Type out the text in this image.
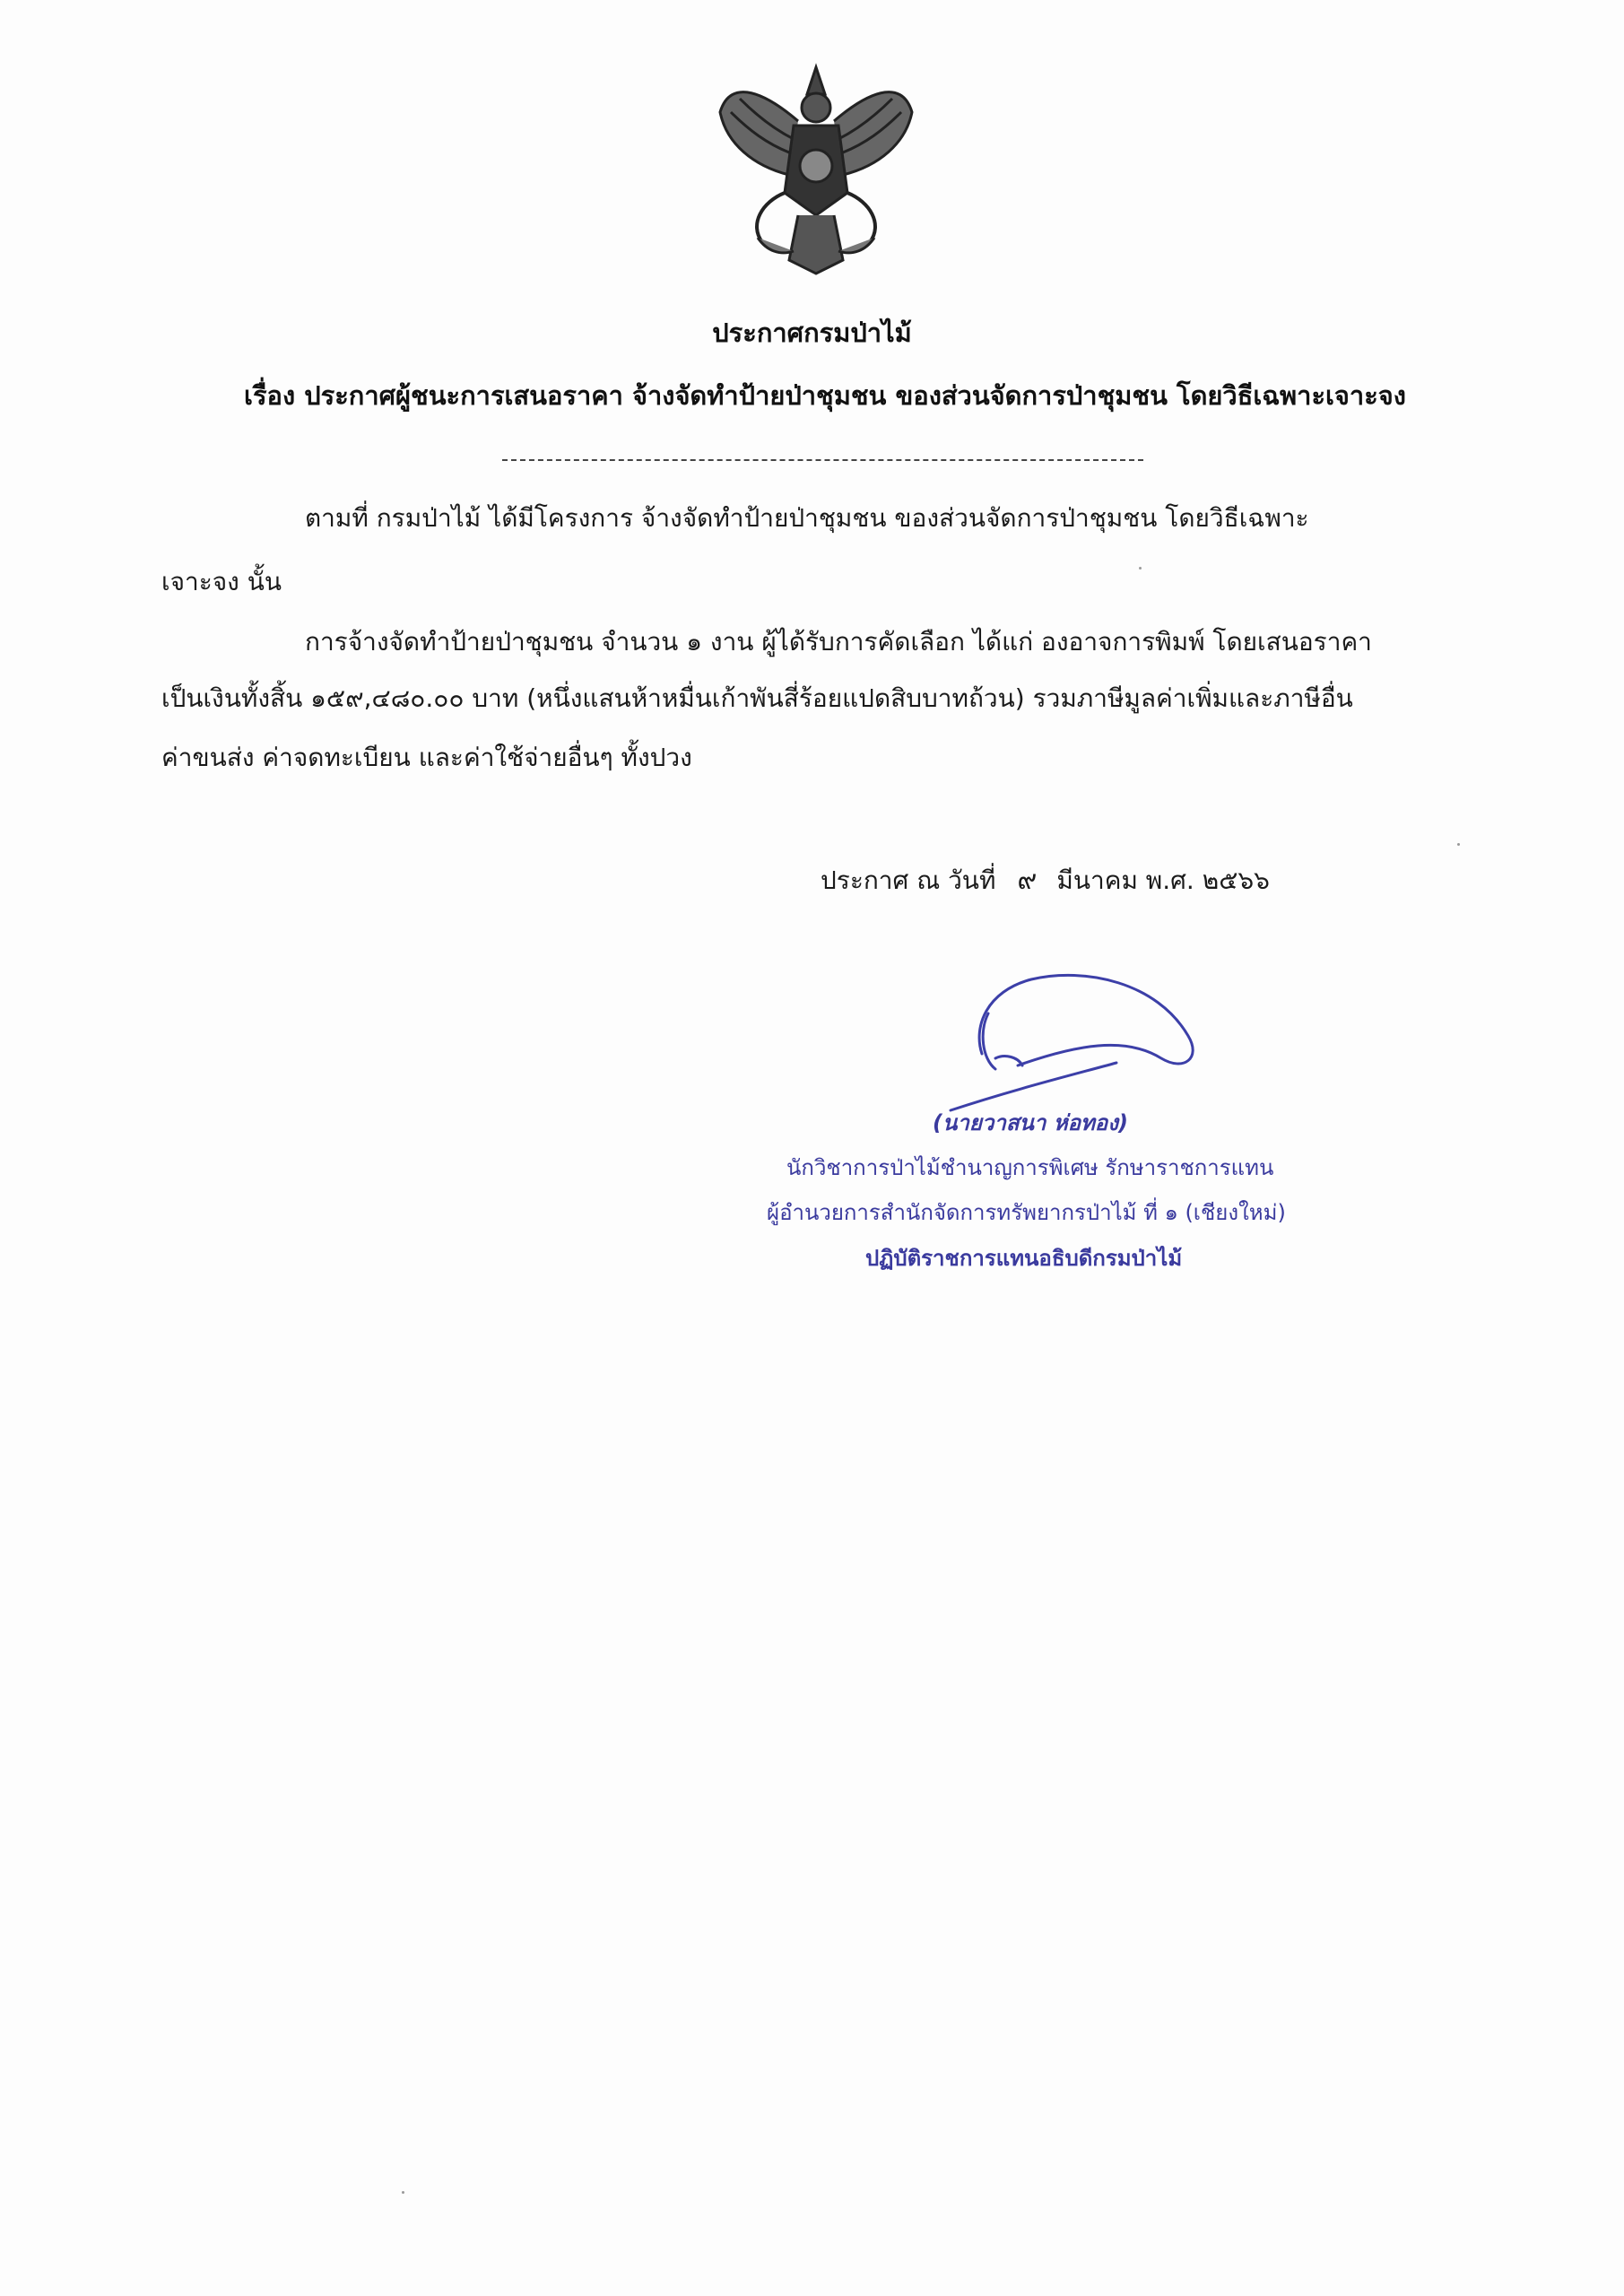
ประกาศกรมป่าไม้
เรื่อง ประกาศผู้ชนะการเสนอราคา จ้างจัดทำป้ายป่าชุมชน ของส่วนจัดการป่าชุมชน โดยวิธีเฉพาะเจาะจง
ตามที่ กรมป่าไม้ ได้มีโครงการ จ้างจัดทำป้ายป่าชุมชน ของส่วนจัดการป่าชุมชน โดยวิธีเฉพาะ
เจาะจง นั้น
การจ้างจัดทำป้ายป่าชุมชน จำนวน ๑ งาน ผู้ได้รับการคัดเลือก ได้แก่ องอาจการพิมพ์ โดยเสนอราคา
เป็นเงินทั้งสิ้น ๑๕๙,๔๘๐.๐๐ บาท (หนึ่งแสนห้าหมื่นเก้าพันสี่ร้อยแปดสิบบาทถ้วน) รวมภาษีมูลค่าเพิ่มและภาษีอื่น
ค่าขนส่ง ค่าจดทะเบียน และค่าใช้จ่ายอื่นๆ ทั้งปวง
ประกาศ ณ วันที่ ๙ มีนาคม พ.ศ. ๒๕๖๖
(นายวาสนา ห่อทอง)
นักวิชาการป่าไม้ชำนาญการพิเศษ รักษาราชการแทน
ผู้อำนวยการสำนักจัดการทรัพยากรป่าไม้ ที่ ๑ (เชียงใหม่)
ปฏิบัติราชการแทนอธิบดีกรมป่าไม้
